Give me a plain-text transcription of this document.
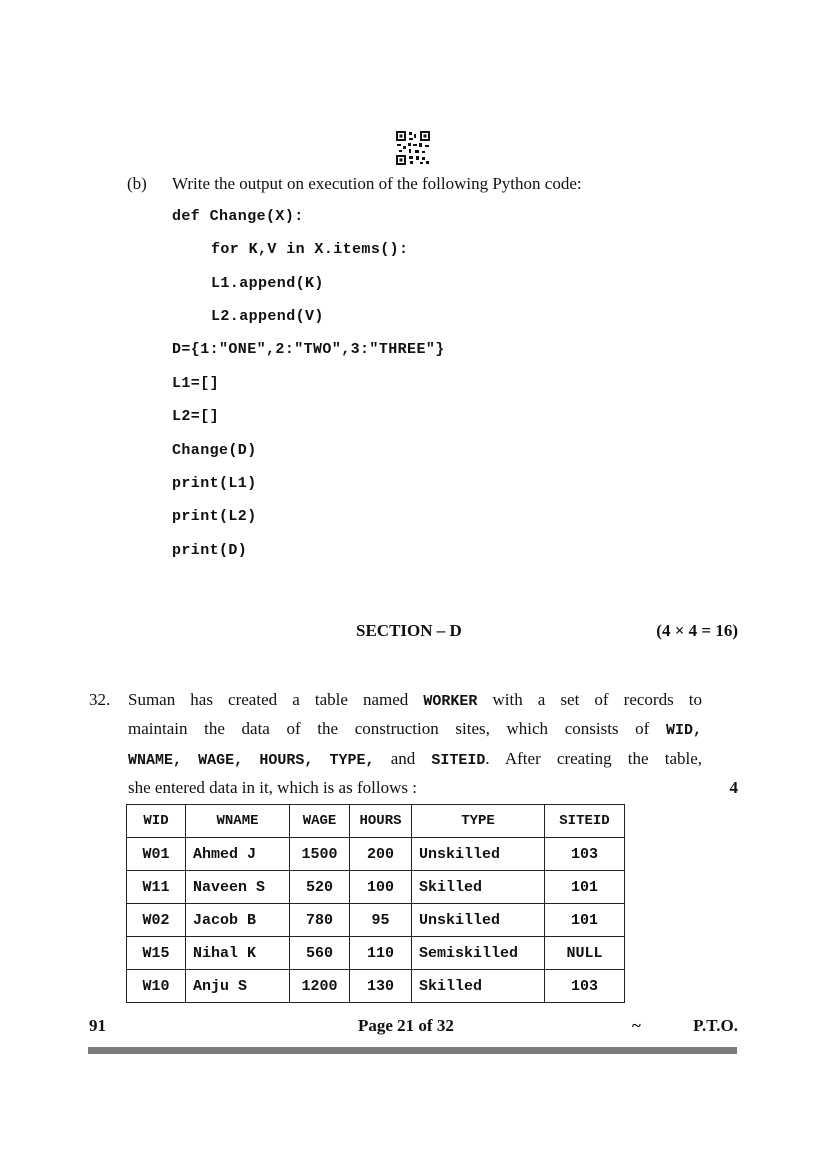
(b) Write the output on execution of the following Python code:
def Change(X):
for K,V in X.items():
L1.append(K)
L2.append(V)
D={1:"ONE",2:"TWO",3:"THREE"}
L1=[]
L2=[]
Change(D)
print(L1)
print(L2)
print(D)
SECTION – D	(4 × 4 = 16)
32. Suman has created a table named WORKER with a set of records to
maintain the data of the construction sites, which consists of WID,
WNAME, WAGE, HOURS, TYPE, and SITEID. After creating the table,
she entered data in it, which is as follows :	4
WID	WNAME	WAGE	HOURS	TYPE	SITEID
W01	Ahmed J	1500	200	Unskilled	103
W11	Naveen S	520	100	Skilled	101
W02	Jacob B	780	95	Unskilled	101
W15	Nihal K	560	110	Semiskilled	NULL
W10	Anju S	1200	130	Skilled	103
91	Page 21 of 32	~	P.T.O.
